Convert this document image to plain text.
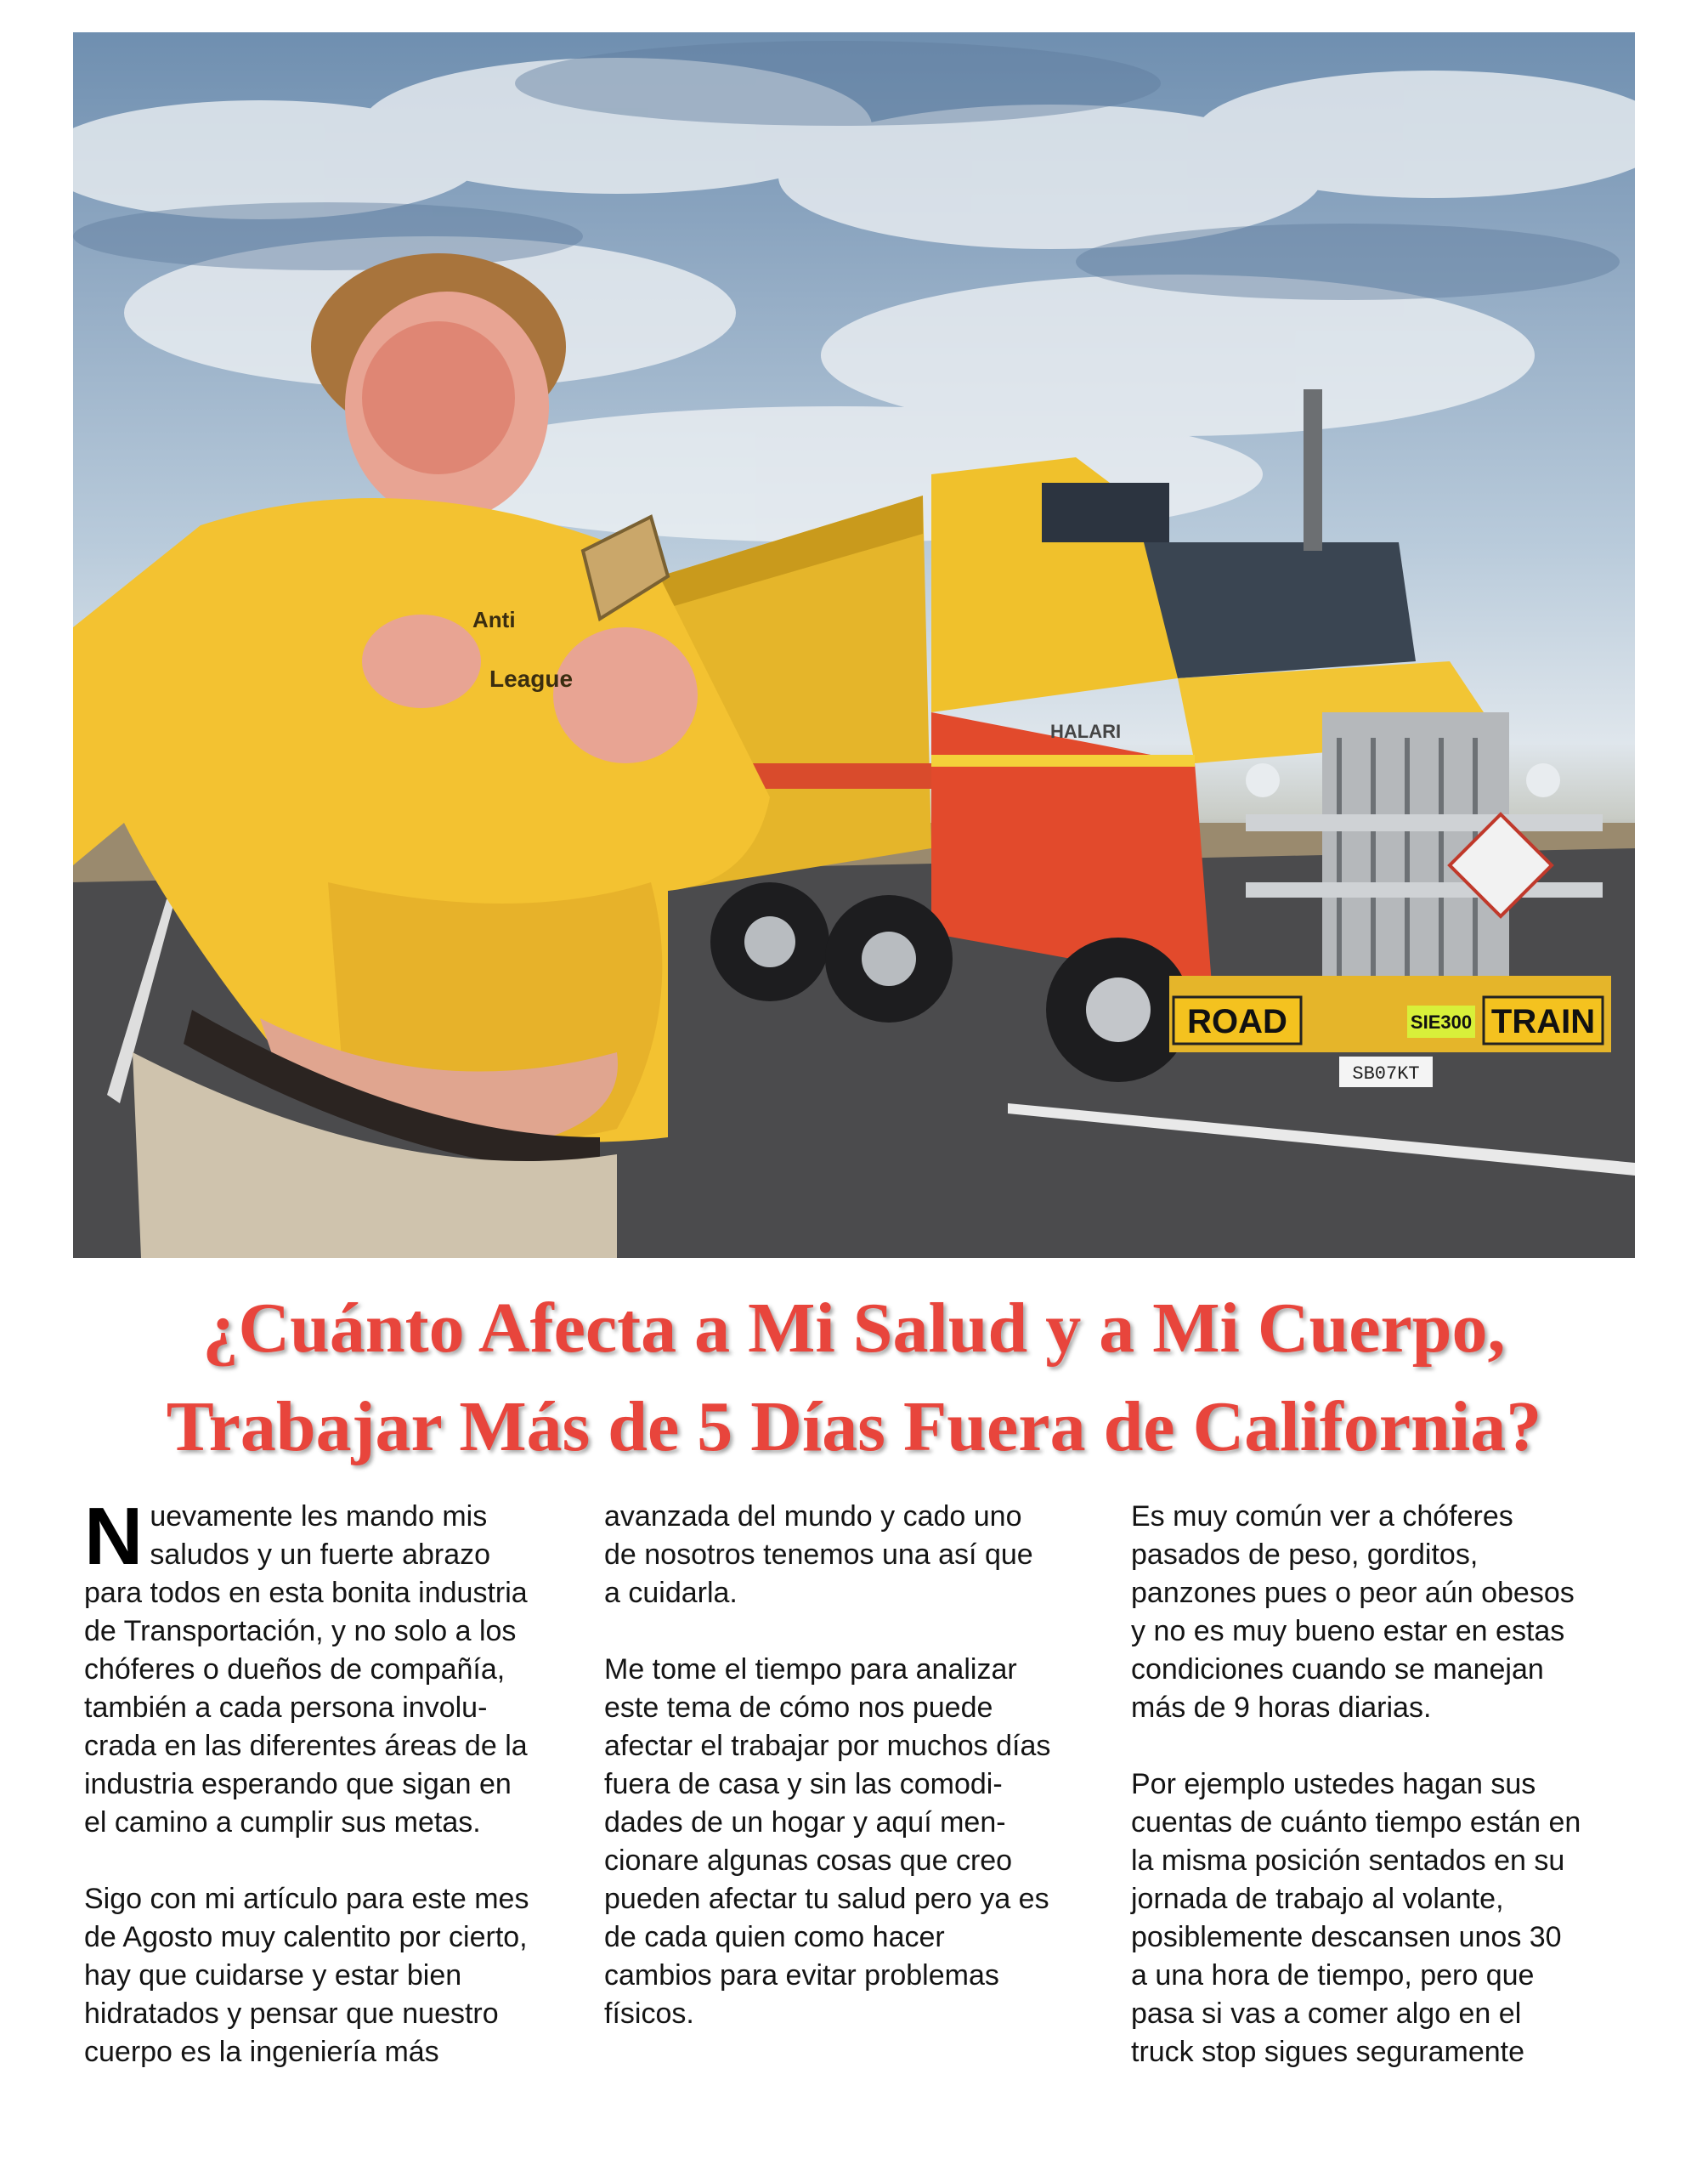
ROAD	TRAIN
SIE300
HALARI
SB07KT
Anti
League
¿Cuánto Afecta a Mi Salud y a Mi Cuerpo,
Trabajar Más de 5 Días Fuera de California?

N uevamente les mando mis
saludos y un fuerte abrazo
para todos en esta bonita industria
de Transportación, y no solo a los
chóferes o dueños de compañía,
también a cada persona involu-
crada en las diferentes áreas de la
industria esperando que sigan en
el camino a cumplir sus metas.

Sigo con mi artículo para este mes
de Agosto muy calentito por cierto,
hay que cuidarse y estar bien
hidratados y pensar que nuestro
cuerpo es la ingeniería más

avanzada del mundo y cado uno
de nosotros tenemos una así que
a cuidarla.

Me tome el tiempo para analizar
este tema de cómo nos puede
afectar el trabajar por muchos días
fuera de casa y sin las comodi-
dades de un hogar y aquí men-
cionare algunas cosas que creo
pueden afectar tu salud pero ya es
de cada quien como hacer
cambios para evitar problemas
físicos.

Es muy común ver a chóferes
pasados de peso, gorditos,
panzones pues o peor aún obesos
y no es muy bueno estar en estas
condiciones cuando se manejan
más de 9 horas diarias.

Por ejemplo ustedes hagan sus
cuentas de cuánto tiempo están en
la misma posición sentados en su
jornada de trabajo al volante,
posiblemente descansen unos 30
a una hora de tiempo, pero que
pasa si vas a comer algo en el
truck stop sigues seguramente
